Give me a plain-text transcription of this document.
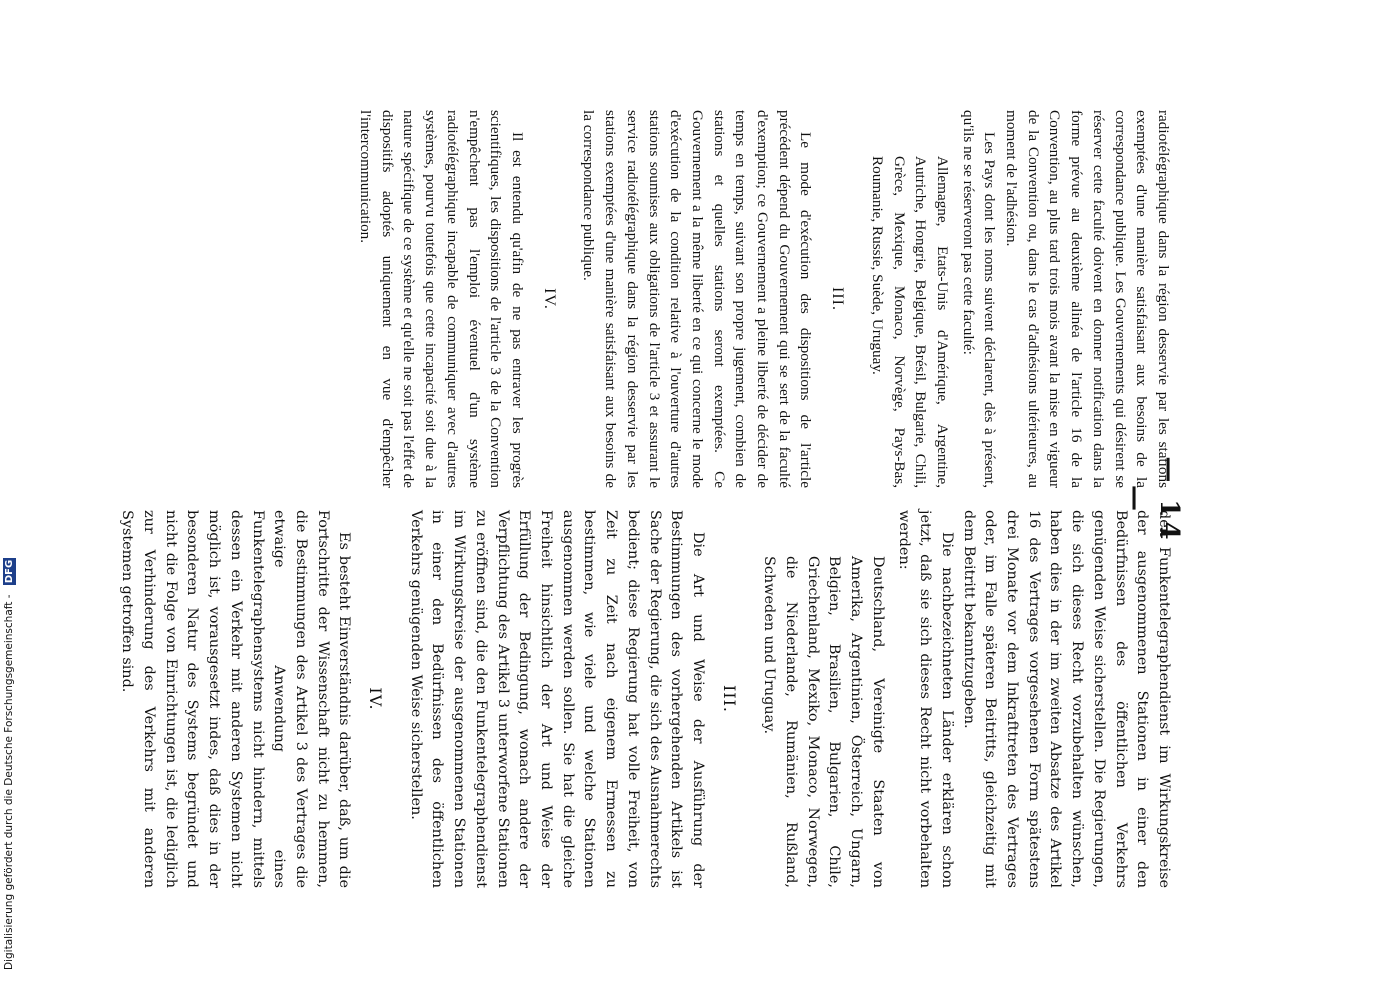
— 14 —

radiotélégraphique dans la région desservie par les stations exemptées d'une manière satisfaisant aux besoins de la correspondance publique. Les Gouvernements qui désirent se réserver cette faculté doivent en donner notification dans la forme prévue au deuxième alinéa de l'article 16 de la Convention, au plus tard trois mois avant la mise en vigueur de la Convention ou, dans le cas d'adhésions ultérieures, au moment de l'adhésion.

Les Pays dont les noms suivent déclarent, dès à présent, qu'ils ne se réserveront pas cette faculté:

Allemagne, Etats-Unis d'Amérique, Argentine, Autriche, Hongrie, Belgique, Brésil, Bulgarie, Chili, Grèce, Mexique, Monaco, Norvège, Pays-Bas, Roumanie, Russie, Suède, Uruguay.

III.

Le mode d'exécution des dispositions de l'article précédent dépend du Gouvernement qui se sert de la faculté d'exemption; ce Gouvernement a pleine liberté de décider de temps en temps, suivant son propre jugement, combien de stations et quelles stations seront exemptées. Ce Gouvernement a la même liberté en ce qui concerne le mode d'exécution de la condition relative à l'ouverture d'autres stations soumises aux obligations de l'article 3 et assurant le service radiotélégraphique dans la région desservie par les stations exemptées d'une manière satisfaisant aux besoins de la correspondance publique.

IV.

Il est entendu qu'afin de ne pas entraver les progrès scientifiques, les dispositions de l'article 3 de la Convention n'empêchent pas l'emploi éventuel d'un système radiotélégraphique incapable de communiquer avec d'autres systèmes, pourvu toutefois que cette incapacité soit due à la nature spécifique de ce système et qu'elle ne soit pas l'effet de dispositifs adoptés uniquement en vue d'empêcher l'intercommunication.

den Funkentelegraphendienst im Wirkungskreise der ausgenommenen Stationen in einer den Bedürfnissen des öffentlichen Verkehrs genügenden Weise sicherstellen. Die Regierungen, die sich dieses Recht vorzubehalten wünschen, haben dies in der im zweiten Absatze des Artikel 16 des Vertrages vorgesehenen Form spätestens drei Monate vor dem Inkrafttreten des Vertrages oder, im Falle späteren Beitritts, gleichzeitig mit dem Beitritt bekanntzugeben.

Die nachbezeichneten Länder erklären schon jetzt, daß sie sich dieses Recht nicht vorbehalten werden:

Deutschland, Vereinigte Staaten von Amerika, Argentinien, Österreich, Ungarn, Belgien, Brasilien, Bulgarien, Chile, Griechenland, Mexiko, Monaco, Norwegen, die Niederlande, Rumänien, Rußland, Schweden und Uruguay.

III.

Die Art und Weise der Ausführung der Bestimmungen des vorhergehenden Artikels ist Sache der Regierung, die sich des Ausnahmerechts bedient; diese Regierung hat volle Freiheit, von Zeit zu Zeit nach eigenem Ermessen zu bestimmen, wie viele und welche Stationen ausgenommen werden sollen. Sie hat die gleiche Freiheit hinsichtlich der Art und Weise der Erfüllung der Bedingung, wonach andere der Verpflichtung des Artikel 3 unterworfene Stationen zu eröffnen sind, die den Funkentelegraphendienst im Wirkungskreise der ausgenommenen Stationen in einer den Bedürfnissen des öffentlichen Verkehrs genügenden Weise sicherstellen.

IV.

Es besteht Einverständnis darüber, daß, um die Fortschritte der Wissenschaft nicht zu hemmen, die Bestimmungen des Artikel 3 des Vertrages die etwaige Anwendung eines Funkentelegraphensystems nicht hindern, mittels dessen ein Verkehr mit anderen Systemen nicht möglich ist, vorausgesetzt indes, daß dies in der besonderen Natur des Systems begründet und nicht die Folge von Einrichtungen ist, die lediglich zur Verhinderung des Verkehrs mit anderen Systemen getroffen sind.

Digitalisierung gefördert durch die Deutsche Forschungsgemeinschaft - DFG
